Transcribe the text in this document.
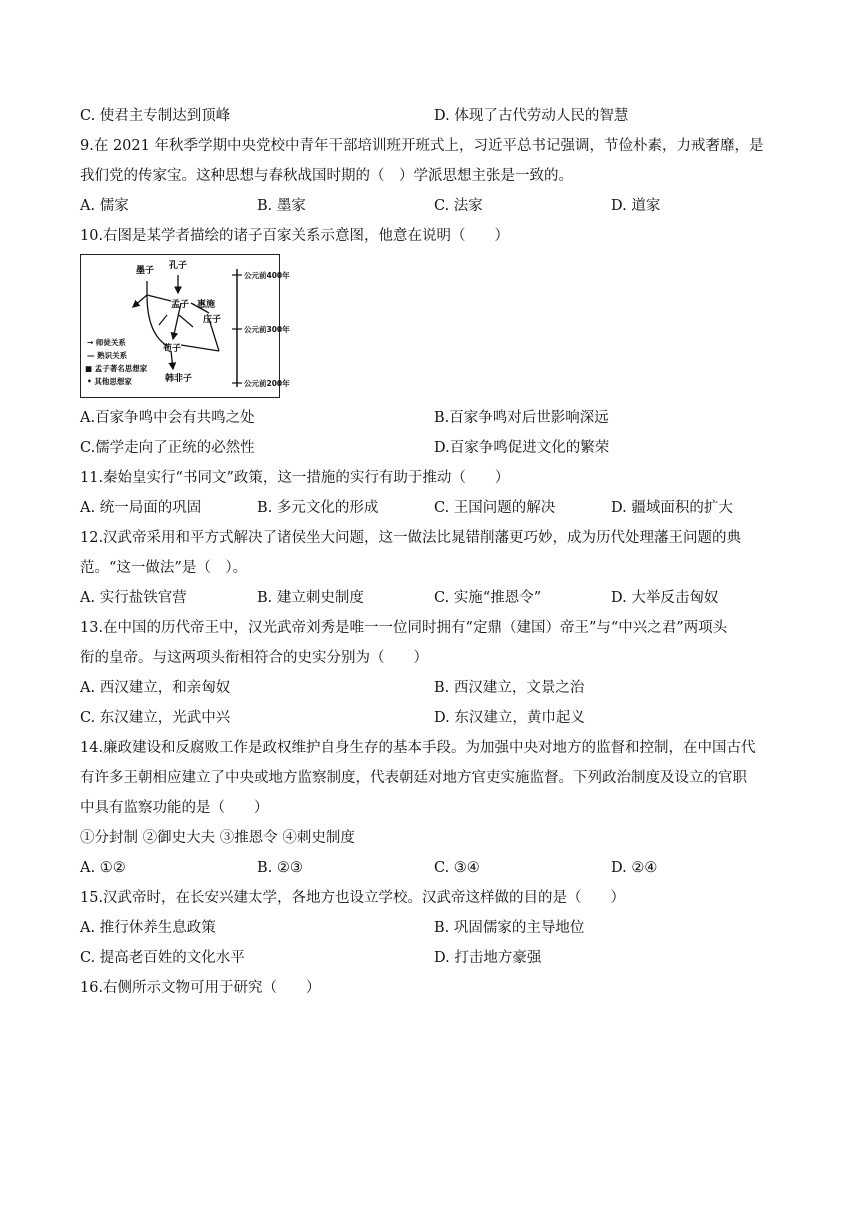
C. 使君主专制达到顶峰	D. 体现了古代劳动人民的智慧
9.在 2021 年秋季学期中央党校中青年干部培训班开班式上，习近平总书记强调，节俭朴素，力戒奢靡，是
我们党的传家宝。这种思想与春秋战国时期的（　）学派思想主张是一致的。
A. 儒家	B. 墨家	C. 法家	D. 道家
10.右图是某学者描绘的诸子百家关系示意图，他意在说明（　　）
公元前400年
公元前300年
公元前200年
墨子 孔子
孟子 惠施
庄子
荀子
韩非子
→ 师徒关系
— 熟识关系
■ 孟子著名思想家
• 其他思想家
A.百家争鸣中会有共鸣之处	B.百家争鸣对后世影响深远
C.儒学走向了正统的必然性	D.百家争鸣促进文化的繁荣
11.秦始皇实行“书同文”政策，这一措施的实行有助于推动（　　）
A. 统一局面的巩固	B. 多元文化的形成	C. 王国问题的解决	D. 疆域面积的扩大
12.汉武帝采用和平方式解决了诸侯坐大问题，这一做法比晁错削藩更巧妙，成为历代处理藩王问题的典
范。“这一做法”是（　）。
A. 实行盐铁官营	B. 建立刺史制度	C. 实施“推恩令”	D. 大举反击匈奴
13.在中国的历代帝王中，汉光武帝刘秀是唯一一位同时拥有“定鼎（建国）帝王”与“中兴之君”两项头
衔的皇帝。与这两项头衔相符合的史实分别为（　　）
A. 西汉建立，和亲匈奴	B. 西汉建立，文景之治
C. 东汉建立，光武中兴	D. 东汉建立，黄巾起义
14.廉政建设和反腐败工作是政权维护自身生存的基本手段。为加强中央对地方的监督和控制，在中国古代
有许多王朝相应建立了中央或地方监察制度，代表朝廷对地方官吏实施监督。下列政治制度及设立的官职
中具有监察功能的是（　　）
①分封制 ②御史大夫 ③推恩令 ④刺史制度
A. ①②	B. ②③	C. ③④	D. ②④
15.汉武帝时，在长安兴建太学，各地方也设立学校。汉武帝这样做的目的是（　　）
A. 推行休养生息政策	B. 巩固儒家的主导地位
C. 提高老百姓的文化水平	D. 打击地方豪强
16.右侧所示文物可用于研究（　　）
